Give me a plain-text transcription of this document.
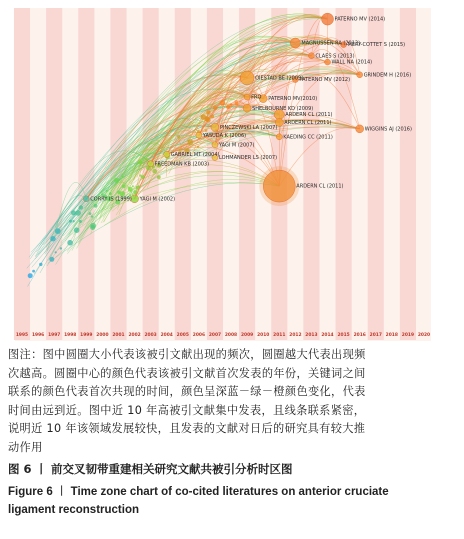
PATERNO MV (2014)
MAGNUSSEN RA (2012)
MERY-COTTET S (2015)
CLAES S (2013)
WALL NA (2014)
GRINDEM H (2016)
OIESTAD BE (2009)
PATERNO MV (2012)
FRO PATERNO MV(2010)
SHELBOURNE KD (2009)
ARDERN CL (2011)
ARDERN CL (2011)
WIGGINS AJ (2016)
PINCZEWSKI LA (2007)
YASUDA K (2006)	KAEDING CC (2011)
YAGI M (2007)
GABRIEL MT (2004)
LOHMANDER LS (2007)
FREEDMAN KB (2003)
ARDERN CL (2011)
CORRY IS (1999) YAGI M (2002)
1995 1996 1997 1998 1999 2000 2001 2002 2003 2004 2005 2006 2007 2008 2009 2010 2011 2012 2013 2014 2015 2016 2017 2018 2019 2020
图注：图中圆圈大小代表该被引文献出现的频次，圆圈越大代表出现频
次越高。圆圈中心的颜色代表该被引文献首次发表的年份，关键词之间
联系的颜色代表首次共现的时间，颜色呈深蓝－绿－橙颜色变化，代表
时间由远到近。图中近 10 年高被引文献集中发表，且线条联系紧密，
说明近 10 年该领域发展较快，且发表的文献对日后的研究具有较大推
动作用
图 6 丨 前交叉韧带重建相关研究文献共被引分析时区图
Figure 6 ︱ Time zone chart of co-cited literatures on anterior cruciate
ligament reconstruction
